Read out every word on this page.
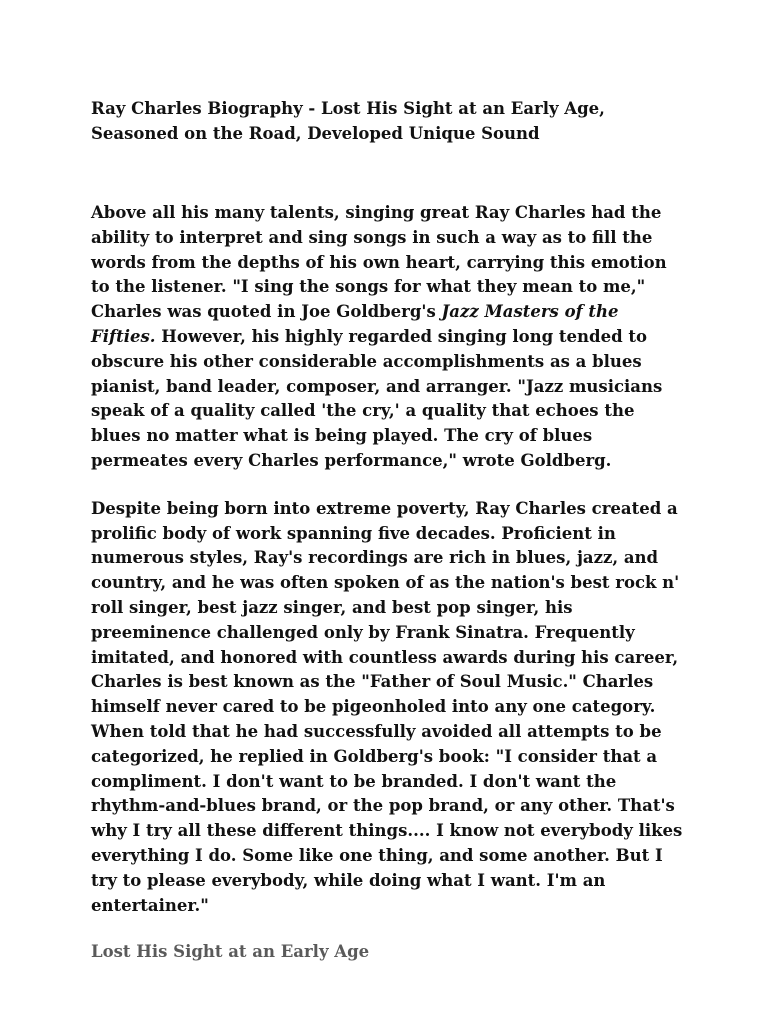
Ray Charles Biography - Lost His Sight at an Early Age, Seasoned on the Road, Developed Unique Sound

Above all his many talents, singing great Ray Charles had the ability to interpret and sing songs in such a way as to fill the words from the depths of his own heart, carrying this emotion to the listener. "I sing the songs for what they mean to me," Charles was quoted in Joe Goldberg's Jazz Masters of the Fifties. However, his highly regarded singing long tended to obscure his other considerable accomplishments as a blues pianist, band leader, composer, and arranger. "Jazz musicians speak of a quality called 'the cry,' a quality that echoes the blues no matter what is being played. The cry of blues permeates every Charles performance," wrote Goldberg.

Despite being born into extreme poverty, Ray Charles created a prolific body of work spanning five decades. Proficient in numerous styles, Ray's recordings are rich in blues, jazz, and country, and he was often spoken of as the nation's best rock n' roll singer, best jazz singer, and best pop singer, his preeminence challenged only by Frank Sinatra. Frequently imitated, and honored with countless awards during his career, Charles is best known as the "Father of Soul Music." Charles himself never cared to be pigeonholed into any one category. When told that he had successfully avoided all attempts to be categorized, he replied in Goldberg's book: "I consider that a compliment. I don't want to be branded. I don't want the rhythm-and-blues brand, or the pop brand, or any other. That's why I try all these different things.... I know not everybody likes everything I do. Some like one thing, and some another. But I try to please everybody, while doing what I want. I'm an entertainer."

Lost His Sight at an Early Age
